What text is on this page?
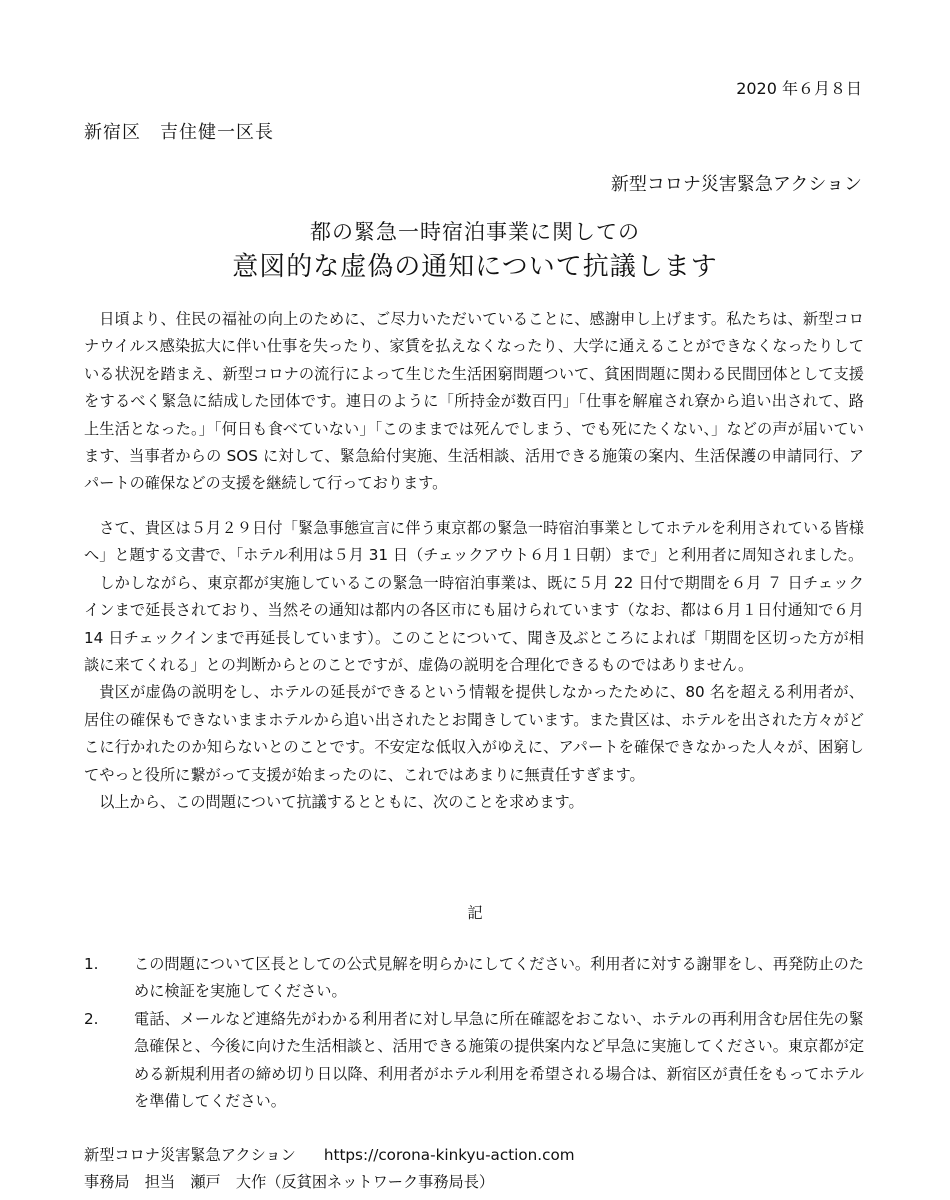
2020 年６月８日
新宿区　吉住健一区長
新型コロナ災害緊急アクション
都の緊急一時宿泊事業に関しての
意図的な虚偽の通知について抗議します

日頃より、住民の福祉の向上のために、ご尽力いただいていることに、感謝申し上げます。私たちは、新型コロナウイルス感染拡大に伴い仕事を失ったり、家賃を払えなくなったり、大学に通えることができなくなったりしている状況を踏まえ、新型コロナの流行によって生じた生活困窮問題ついて、貧困問題に関わる民間団体として支援をするべく緊急に結成した団体です。連日のように「所持金が数百円」「仕事を解雇され寮から追い出されて、路上生活となった。」「何日も食べていない」「このままでは死んでしまう、でも死にたくない、」などの声が届いています、当事者からの SOS に対して、緊急給付実施、生活相談、活用できる施策の案内、生活保護の申請同行、アパートの確保などの支援を継続して行っております。

さて、貴区は５月２９日付「緊急事態宣言に伴う東京都の緊急一時宿泊事業としてホテルを利用されている皆様へ」と題する文書で、「ホテル利用は５月 31 日（チェックアウト６月１日朝）まで」と利用者に周知されました。

しかしながら、東京都が実施しているこの緊急一時宿泊事業は、既に５月 22 日付で期間を６月 ７ 日チェックインまで延長されており、当然その通知は都内の各区市にも届けられています（なお、都は６月１日付通知で６月 14 日チェックインまで再延長しています）。このことについて、聞き及ぶところによれば「期間を区切った方が相談に来てくれる」との判断からとのことですが、虚偽の説明を合理化できるものではありません。

貴区が虚偽の説明をし、ホテルの延長ができるという情報を提供しなかったために、80 名を超える利用者が、居住の確保もできないままホテルから追い出されたとお聞きしています。また貴区は、ホテルを出された方々がどこに行かれたのか知らないとのことです。不安定な低収入がゆえに、アパートを確保できなかった人々が、困窮してやっと役所に繋がって支援が始まったのに、これではあまりに無責任すぎます。

以上から、この問題について抗議するとともに、次のことを求めます。

記
1.	この問題について区長としての公式見解を明らかにしてください。利用者に対する謝罪をし、再発防止のために検証を実施してください。
2.	電話、メールなど連絡先がわかる利用者に対し早急に所在確認をおこない、ホテルの再利用含む居住先の緊急確保と、今後に向けた生活相談と、活用できる施策の提供案内など早急に実施してください。東京都が定める新規利用者の締め切り日以降、利用者がホテル利用を希望される場合は、新宿区が責任をもってホテルを準備してください。
新型コロナ災害緊急アクション https://corona-kinkyu-action.com
事務局　担当　瀬戸　大作（反貧困ネットワーク事務局長）
